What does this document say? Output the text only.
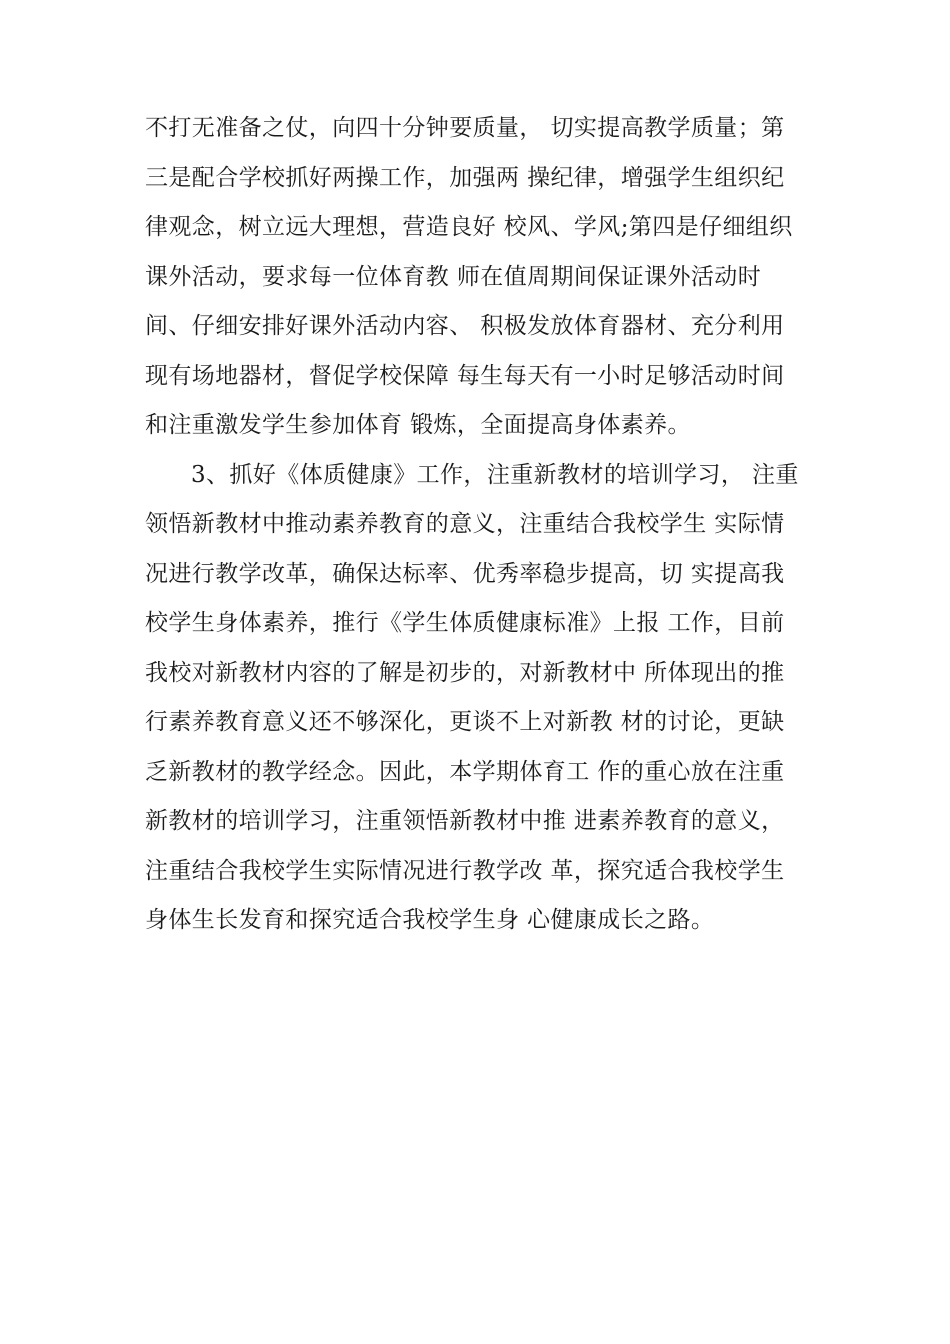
不打无准备之仗，向四十分钟要质量， 切实提高教学质量；第
三是配合学校抓好两操工作，加强两 操纪律，增强学生组织纪
律观念，树立远大理想，营造良好 校风、学风;第四是仔细组织
课外活动，要求每一位体育教 师在值周期间保证课外活动时
间、仔细安排好课外活动内容、 积极发放体育器材、充分利用
现有场地器材，督促学校保障 每生每天有一小时足够活动时间
和注重激发学生参加体育 锻炼，全面提高身体素养。
3、抓好《体质健康》工作，注重新教材的培训学习， 注重
领悟新教材中推动素养教育的意义，注重结合我校学生 实际情
况进行教学改革，确保达标率、优秀率稳步提高，切 实提高我
校学生身体素养，推行《学生体质健康标准》上报 工作，目前
我校对新教材内容的了解是初步的，对新教材中 所体现出的推
行素养教育意义还不够深化，更谈不上对新教 材的讨论，更缺
乏新教材的教学经念。因此，本学期体育工 作的重心放在注重
新教材的培训学习，注重领悟新教材中推 进素养教育的意义，
注重结合我校学生实际情况进行教学改 革，探究适合我校学生
身体生长发育和探究适合我校学生身 心健康成长之路。
